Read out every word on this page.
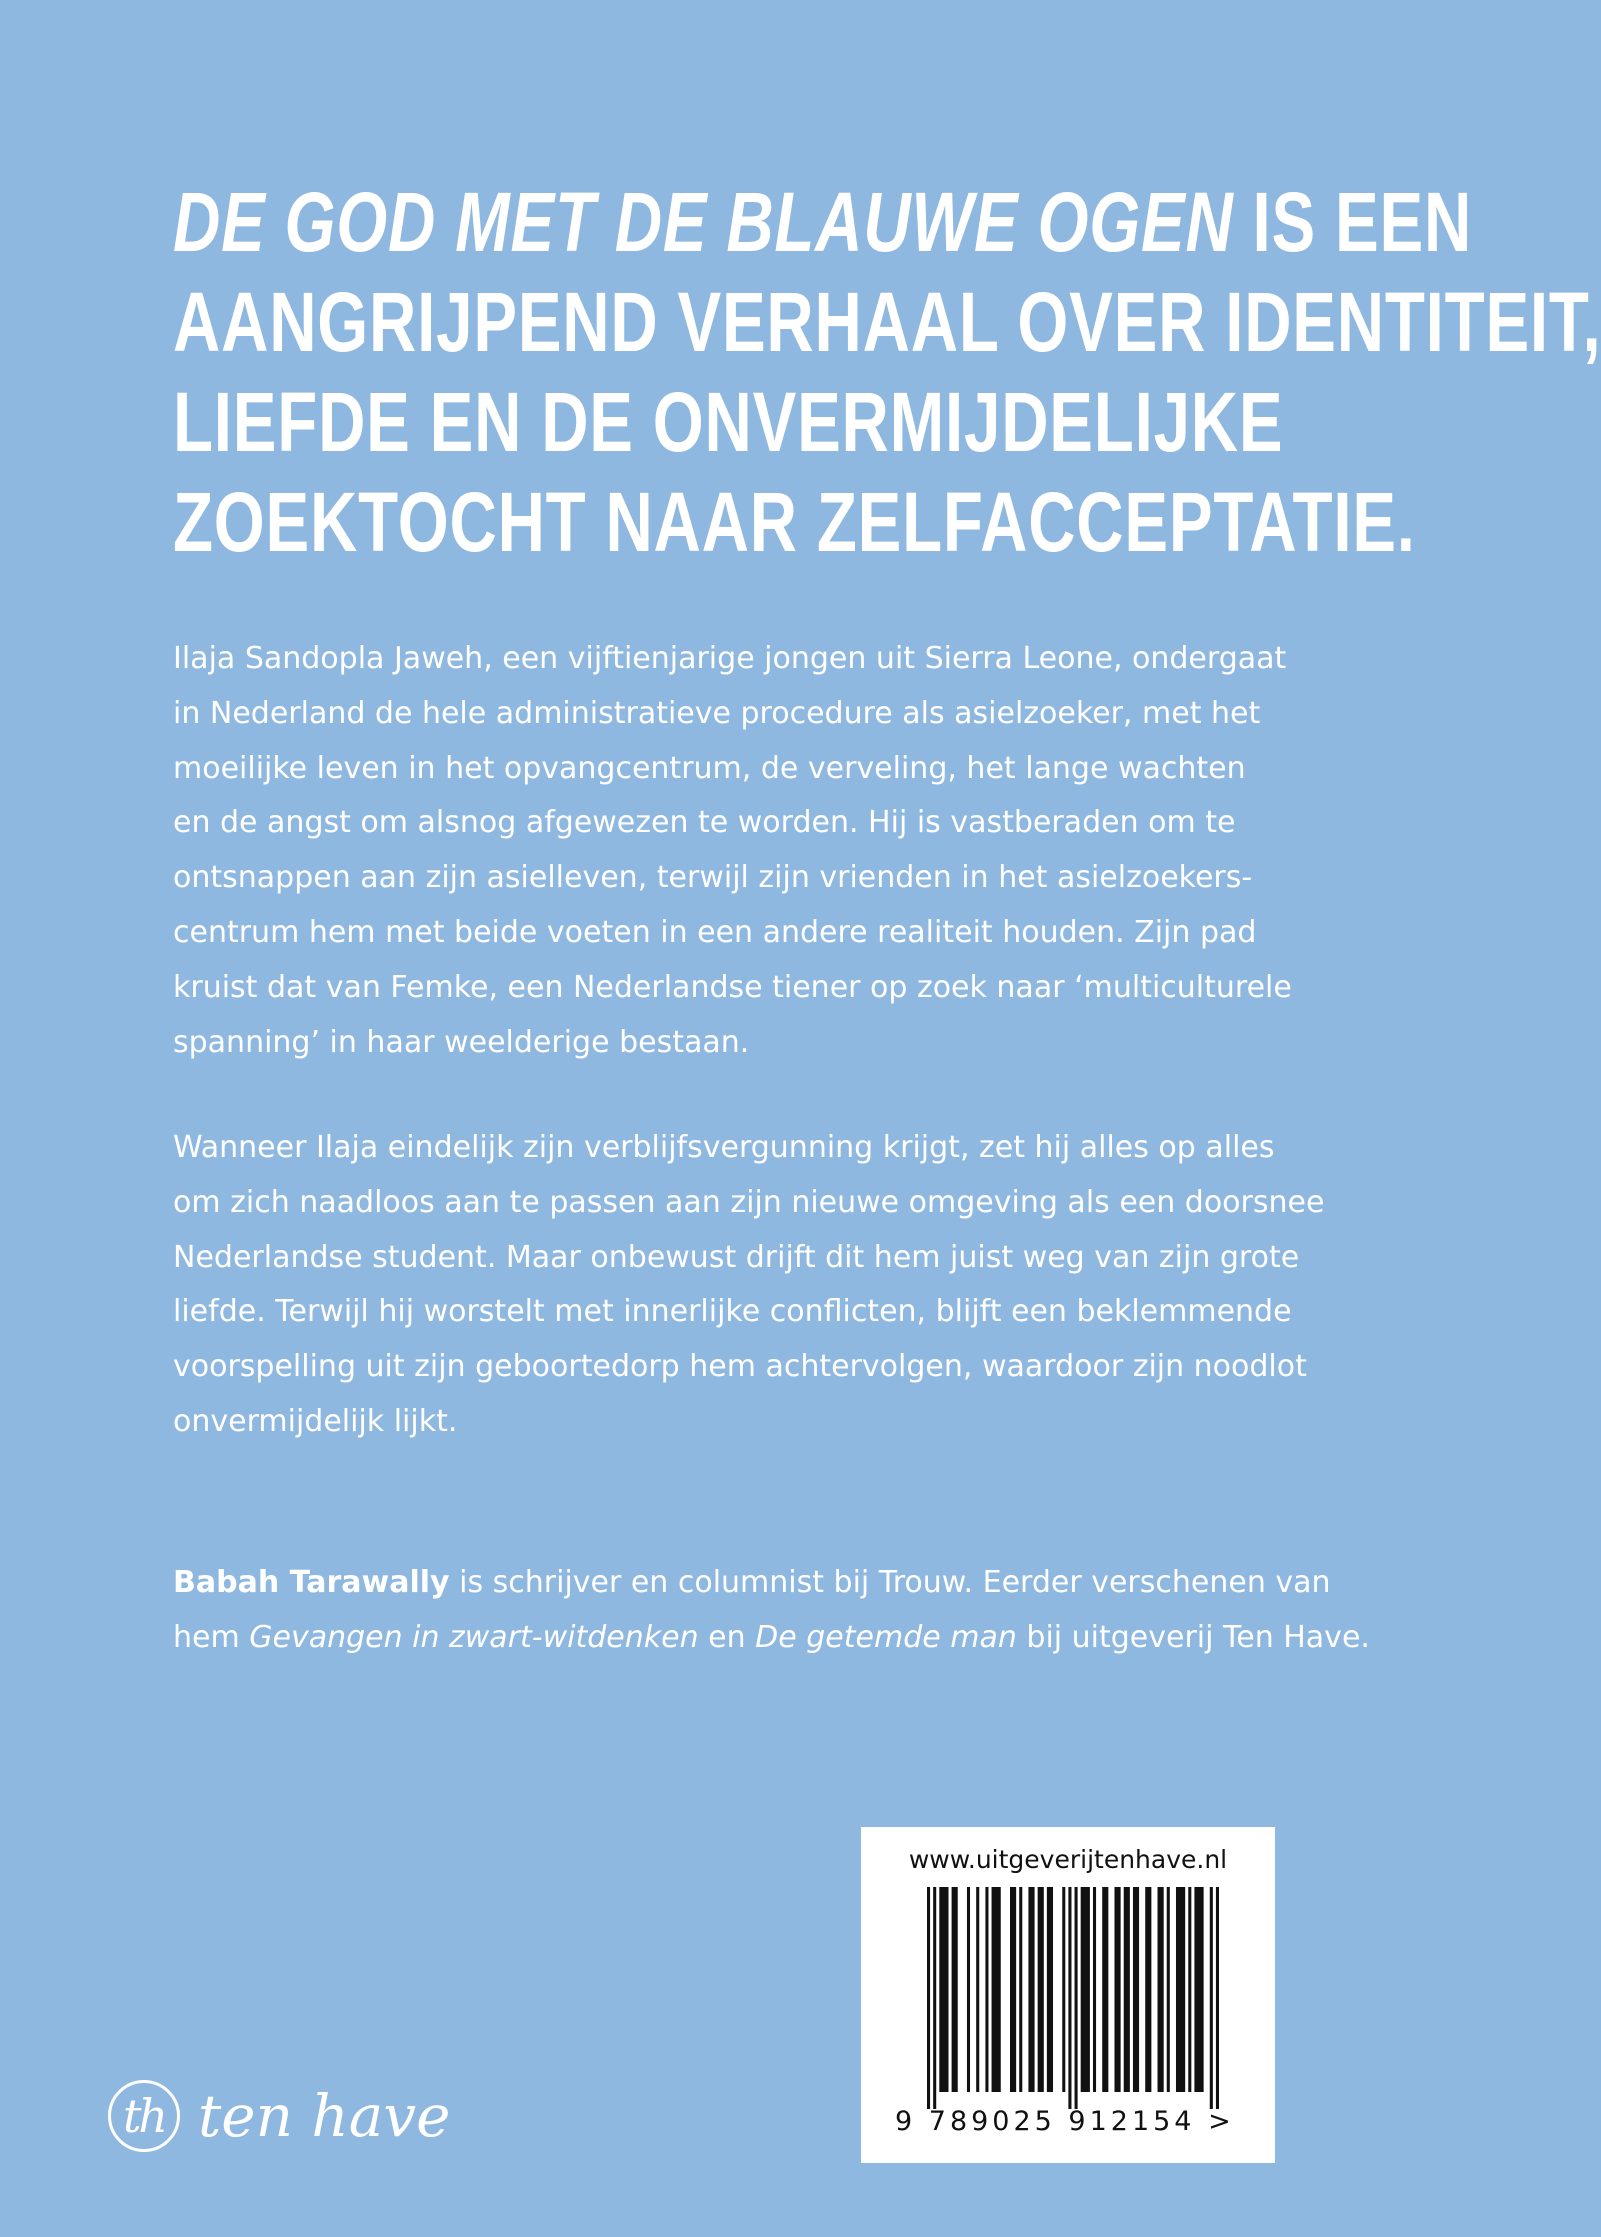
DE GOD MET DE BLAUWE OGEN IS EEN
AANGRIJPEND VERHAAL OVER IDENTITEIT,
LIEFDE EN DE ONVERMIJDELIJKE
ZOEKTOCHT NAAR ZELFACCEPTATIE.
Ilaja Sandopla Jaweh, een vijftienjarige jongen uit Sierra Leone, ondergaat
in Nederland de hele administratieve procedure als asielzoeker, met het
moeilijke leven in het opvangcentrum, de verveling, het lange wachten
en de angst om alsnog afgewezen te worden. Hij is vastberaden om te
ontsnappen aan zijn asielleven, terwijl zijn vrienden in het asielzoekers-
centrum hem met beide voeten in een andere realiteit houden. Zijn pad
kruist dat van Femke, een Nederlandse tiener op zoek naar ‘multiculturele
spanning’ in haar weelderige bestaan.
Wanneer Ilaja eindelijk zijn verblijfsvergunning krijgt, zet hij alles op alles
om zich naadloos aan te passen aan zijn nieuwe omgeving als een doorsnee
Nederlandse student. Maar onbewust drijft dit hem juist weg van zijn grote
liefde. Terwijl hij worstelt met innerlijke conflicten, blijft een beklemmende
voorspelling uit zijn geboortedorp hem achtervolgen, waardoor zijn noodlot
onvermijdelijk lijkt.
Babah Tarawally is schrijver en columnist bij Trouw. Eerder verschenen van
hem Gevangen in zwart-witdenken en De getemde man bij uitgeverij Ten Have.
th ten have
www.uitgeverijtenhave.nl
9 789025 912154 >
